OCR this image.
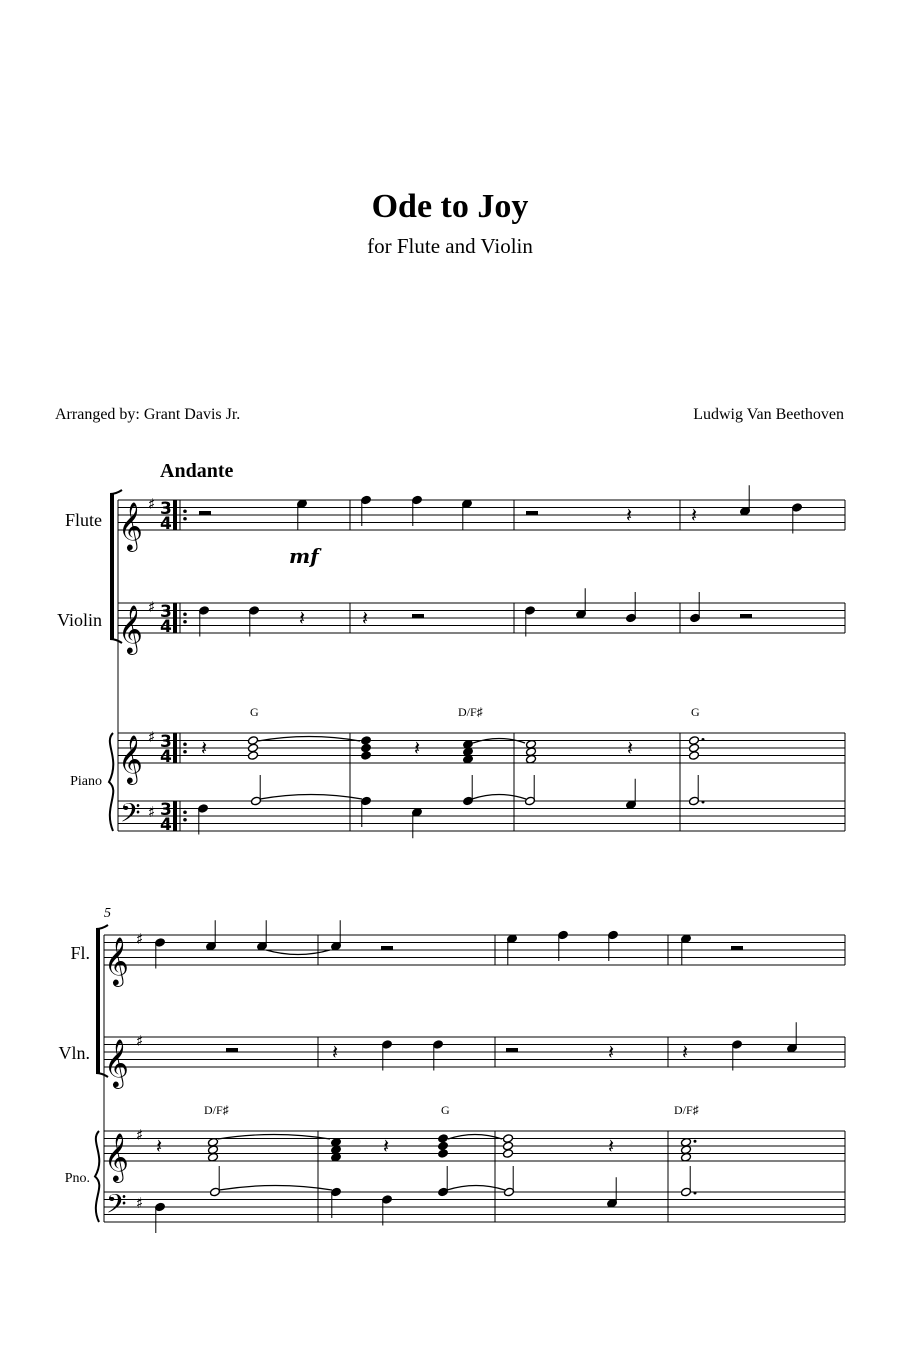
Ode to Joy
for Flute and Violin
Arranged by: Grant Davis Jr.	Ludwig Van Beethoven
Andante
Flute
Violin
Piano
Fl.
Vln.
Pno.
𝄞
𝄞
𝄞
𝄢
♯
♯
♯
♯
3
4
3
4
3
4
3
4
𝄞
𝄞
𝄞
𝄢
♯
♯
♯
♯
𝄽	𝄽
𝄽	𝄽
𝄽	𝄽	𝄽
𝄽	𝄽	𝄽
𝄽	𝄽	𝄽
mf
5
G	D/F♯	G
D/F♯	G	D/F♯
